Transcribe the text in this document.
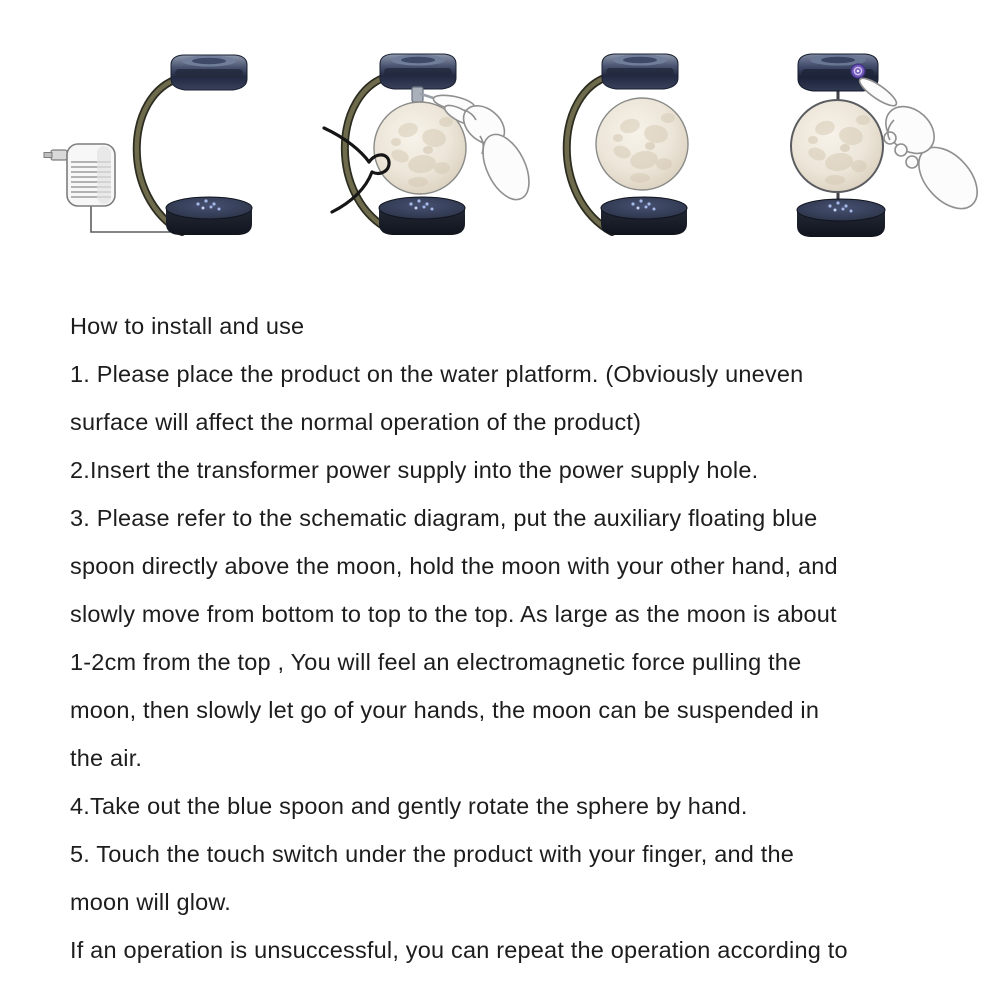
How to install and use

1. Please place the product on the water platform. (Obviously uneven

surface will affect the normal operation of the product)

2.Insert the transformer power supply into the power supply hole.

3. Please refer to the schematic diagram, put the auxiliary floating blue

spoon directly above the moon, hold the moon with your other hand, and

slowly move from bottom to top to the top. As large as the moon is about

1-2cm from the top , You will feel an electromagnetic force pulling the

moon, then slowly let go of your hands, the moon can be suspended in

the air.

4.Take out the blue spoon and gently rotate the sphere by hand.

5. Touch the touch switch under the product with your finger, and the

moon will glow.

If an operation is unsuccessful, you can repeat the operation according to
